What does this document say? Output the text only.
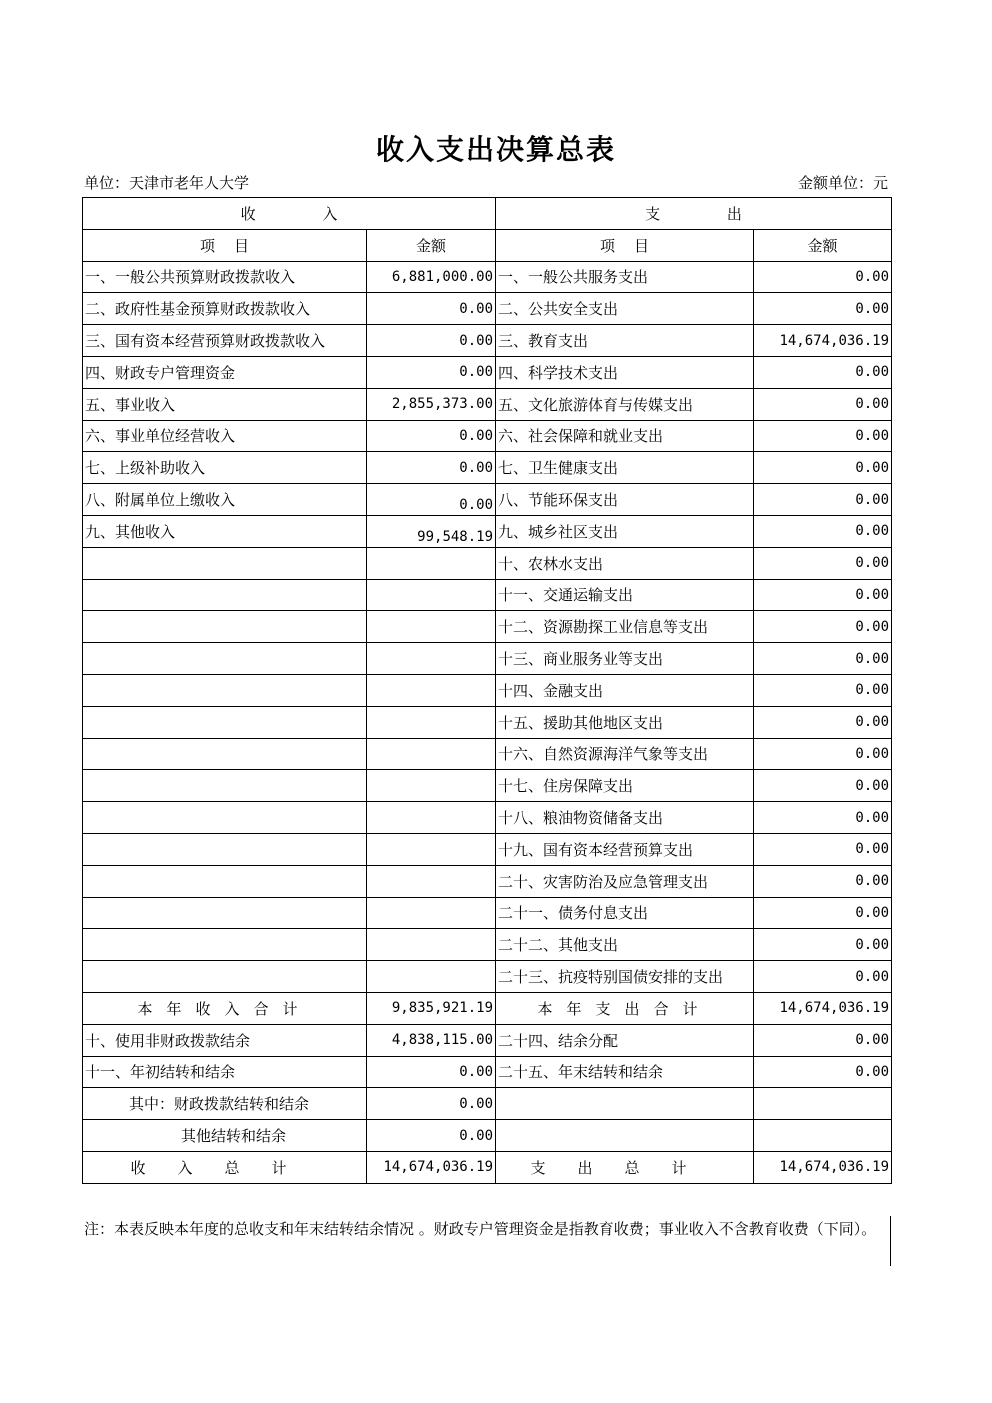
收入支出决算总表
单位：天津市老年人大学	金额单位：元
收              入		支              出	
项    目	金额	项    目	金额
一、一般公共预算财政拨款收入	6,881,000.00	一、一般公共服务支出	0.00
二、政府性基金预算财政拨款收入	0.00	二、公共安全支出	0.00
三、国有资本经营预算财政拨款收入	0.00	三、教育支出	14,674,036.19
四、财政专户管理资金	0.00	四、科学技术支出	0.00
五、事业收入	2,855,373.00	五、文化旅游体育与传媒支出	0.00
六、事业单位经营收入	0.00	六、社会保障和就业支出	0.00
七、上级补助收入	0.00	七、卫生健康支出	0.00
八、附属单位上缴收入	0.00	八、节能环保支出	0.00
九、其他收入	99,548.19	九、城乡社区支出	0.00
		十、农林水支出	0.00
		十一、交通运输支出	0.00
		十二、资源勘探工业信息等支出	0.00
		十三、商业服务业等支出	0.00
		十四、金融支出	0.00
		十五、援助其他地区支出	0.00
		十六、自然资源海洋气象等支出	0.00
		十七、住房保障支出	0.00
		十八、粮油物资储备支出	0.00
		十九、国有资本经营预算支出	0.00
		二十、灾害防治及应急管理支出	0.00
		二十一、债务付息支出	0.00
		二十二、其他支出	0.00
		二十三、抗疫特别国债安排的支出	0.00
本年收入合计	9,835,921.19	本年支出合计	14,674,036.19
十、使用非财政拨款结余	4,838,115.00	二十四、结余分配	0.00
十一、年初结转和结余	0.00	二十五、年末结转和结余	0.00
其中：财政拨款结转和结余	0.00		
其他结转和结余	0.00		
收入总计	14,674,036.19	支出总计	14,674,036.19
注：本表反映本年度的总收支和年末结转结余情况 。财政专户管理资金是指教育收费；事业收入不含教育收费（下同）。
